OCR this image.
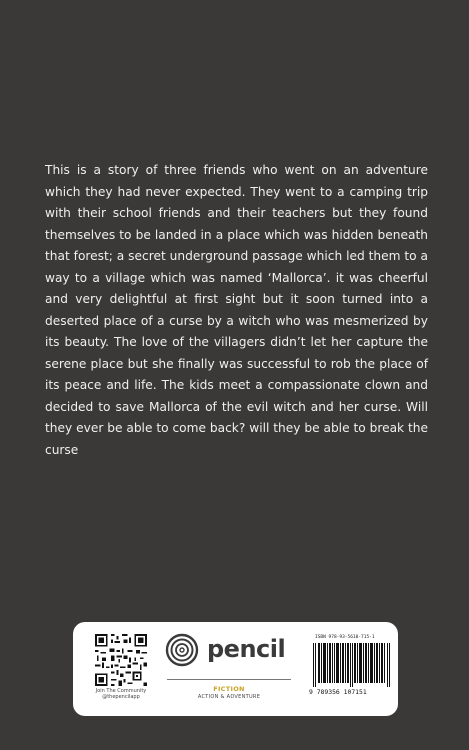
This is a story of three friends who went on an adventure which they had never expected. They went to a camping trip with their school friends and their teachers but they found themselves to be landed in a place which was hidden beneath that forest; a secret underground passage which led them to a way to a village which was named ‘Mallorca’. it was cheerful and very delightful at first sight but it soon turned into a deserted place of a curse by a witch who was mesmerized by its beauty. The love of the villagers didn’t let her capture the serene place but she finally was successful to rob the place of its peace and life. The kids meet a compassionate clown and decided to save Mallorca of the evil witch and her curse. Will they ever be able to come back? will they be able to break the curse

Join The Community
@thepencilapp
pencil
FICTION
ACTION & ADVENTURE
ISBN 978-93-5610-715-1
9 789356 107151
